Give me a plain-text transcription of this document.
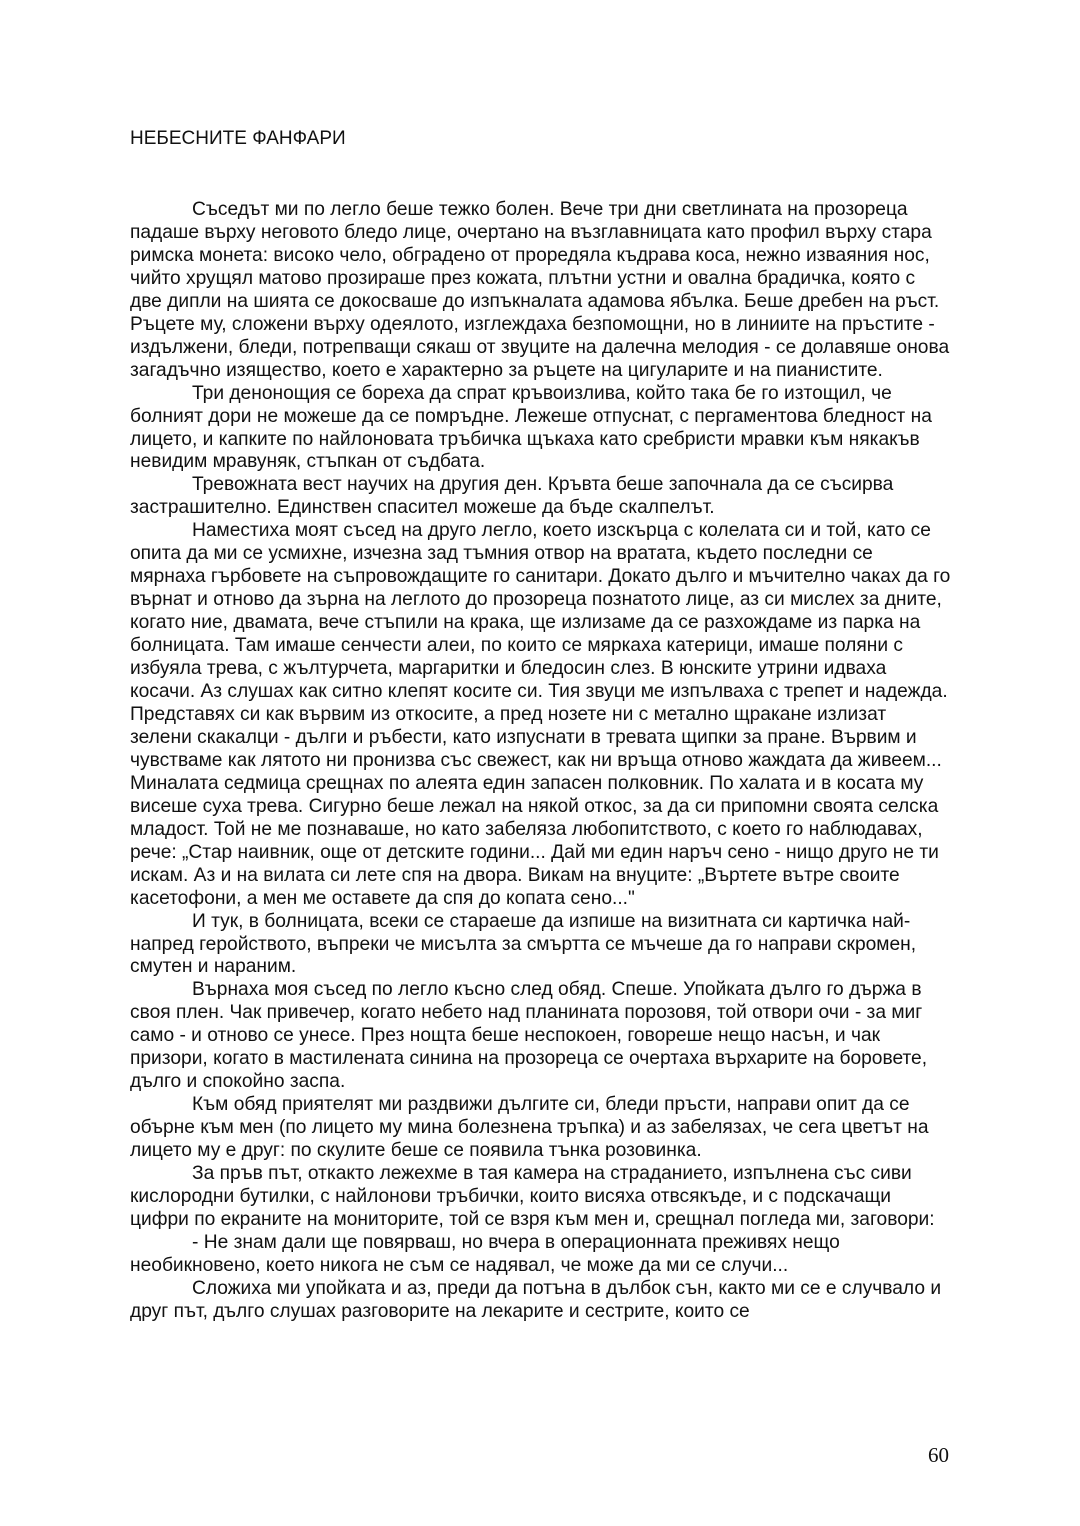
НЕБЕСНИТЕ ФАНФАРИ

Съседът ми по легло беше тежко болен. Вече три дни светлината на прозореца падаше върху неговото бледо лице, очертано на възглавницата като профил върху стара римска монета: високо чело, обградено от проредяла къдрава коса, нежно изваяния нос, чийто хрущял матово прозираше през кожата, плътни устни и овална брадичка, която с две дипли на шията се докосваше до изпъкналата адамова ябълка. Беше дребен на ръст. Ръцете му, сложени върху одеялото, изглеждаха безпомощни, но в линиите на пръстите - издължени, бледи, потрепващи сякаш от звуците на далечна мелодия - се долавяше онова загадъчно изящество, което е характерно за ръцете на цигуларите и на пианистите.

Три денонощия се бореха да спрат кръвоизлива, който така бе го изтощил, че болният дори не можеше да се помръдне. Лежеше отпуснат, с пергаментова бледност на лицето, и капките по найлоновата тръбичка щъкаха като сребристи мравки към някакъв невидим мравуняк, стъпкан от съдбата.

Тревожната вест научих на другия ден. Кръвта беше започнала да се съсирва застрашително. Единствен спасител можеше да бъде скалпелът.

Наместиха моят съсед на друго легло, което изскърца с колелата си и той, като се опита да ми се усмихне, изчезна зад тъмния отвор на вратата, където последни се мярнаха гърбовете на съпровождащите го санитари. Докато дълго и мъчително чаках да го върнат и отново да зърна на леглото до прозореца познатото лице, аз си мислех за дните, когато ние, двамата, вече стъпили на крака, ще излизаме да се разхождаме из парка на болницата. Там имаше сенчести алеи, по които се мяркаха катерици, имаше поляни с избуяла трева, с жълтурчета, маргаритки и бледосин слез. В юнските утрини идваха косачи. Аз слушах как ситно клепят косите си. Тия звуци ме изпълваха с трепет и надежда. Представях си как вървим из откосите, а пред нозете ни с метално щракане излизат зелени скакалци - дълги и ръбести, като изпуснати в тревата щипки за пране. Вървим и чувстваме как лятото ни пронизва със свежест, как ни връща отново жаждата да живеем... Миналата седмица срещнах по алеята един запасен полковник. По халата и в косата му висеше суха трева. Сигурно беше лежал на някой откос, за да си припомни своята селска младост. Той не ме познаваше, но като забеляза любопитството, с което го наблюдавах, рече: „Стар наивник, още от детските години... Дай ми един наръч сено - нищо друго не ти искам. Аз и на вилата си лете спя на двора. Викам на внуците: „Въртете вътре своите касетофони, а мен ме оставете да спя до копата сено..."

И тук, в болницата, всеки се стараеше да изпише на визитната си картичка най-напред геройството, въпреки че мисълта за смъртта се мъчеше да го направи скромен, смутен и нараним.

Върнаха моя съсед по легло късно след обяд. Спеше. Упойката дълго го държа в своя плен. Чак привечер, когато небето над планината порозовя, той отвори очи - за миг само - и отново се унесе. През нощта беше неспокоен, говореше нещо насън, и чак призори, когато в мастилената синина на прозореца се очертаха върхарите на боровете, дълго и спокойно заспа.

Към обяд приятелят ми раздвижи дългите си, бледи пръсти, направи опит да се обърне към мен (по лицето му мина болезнена тръпка) и аз забелязах, че сега цветът на лицето му е друг: по скулите беше се появила тънка розовинка.

За пръв път, откакто лежехме в тая камера на страданието, изпълнена със сиви кислородни бутилки, с найлонови тръбички, които висяха отвсякъде, и с подскачащи цифри по екраните на мониторите, той се взря към мен и, срещнал погледа ми, заговори:

- Не знам дали ще повярваш, но вчера в операционната преживях нещо необикновено, което никога не съм се надявал, че може да ми се случи...

Сложиха ми упойката и аз, преди да потъна в дълбок сън, както ми се е случвало и друг път, дълго слушах разговорите на лекарите и сестрите, които се

60
